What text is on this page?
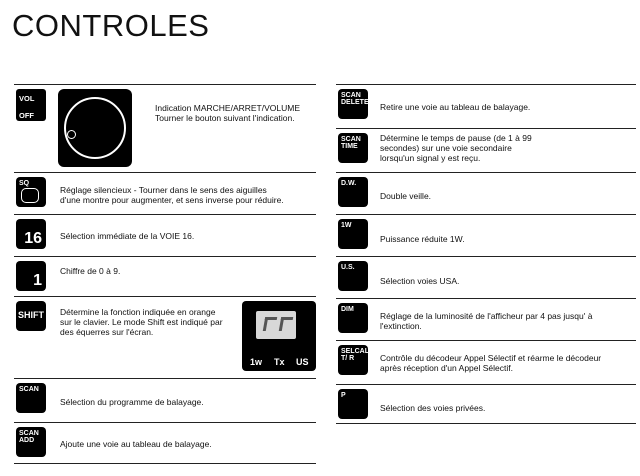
CONTROLES
VOL
OFF
Indication MARCHE/ARRET/VOLUME
Tourner le bouton suivant l'indication.
SQ
Réglage silencieux - Tourner dans le sens des aiguilles
d'une montre pour augmenter, et sens inverse pour réduire.
16 Sélection immédiate de la VOIE 16.
1
Chiffre de 0 à 9.
SHIFT Détermine la fonction indiquée en orange
sur le clavier. Le mode Shift est indiqué par
des équerres sur l'écran.
1w Tx US
SCAN
Sélection du programme de balayage.
SCAN
ADD	Ajoute une voie au tableau de balayage.
SCAN
DELETE Retire une voie au tableau de balayage.
SCAN
TIME
Détermine le temps de pause (de 1 à 99
secondes) sur une voie secondaire
lorsqu'un signal y est reçu.
D.W.
Double veille.
1W
Puissance réduite 1W.
U.S.
Sélection voies USA.
DIM
Réglage de la luminosité de l'afficheur par 4 pas jusqu' à
l'extinction.
SELCALL
T/ R	Contrôle du décodeur Appel Sélectif et réarme le décodeur
après réception d'un Appel Sélectif.
P
Sélection des voies privées.
